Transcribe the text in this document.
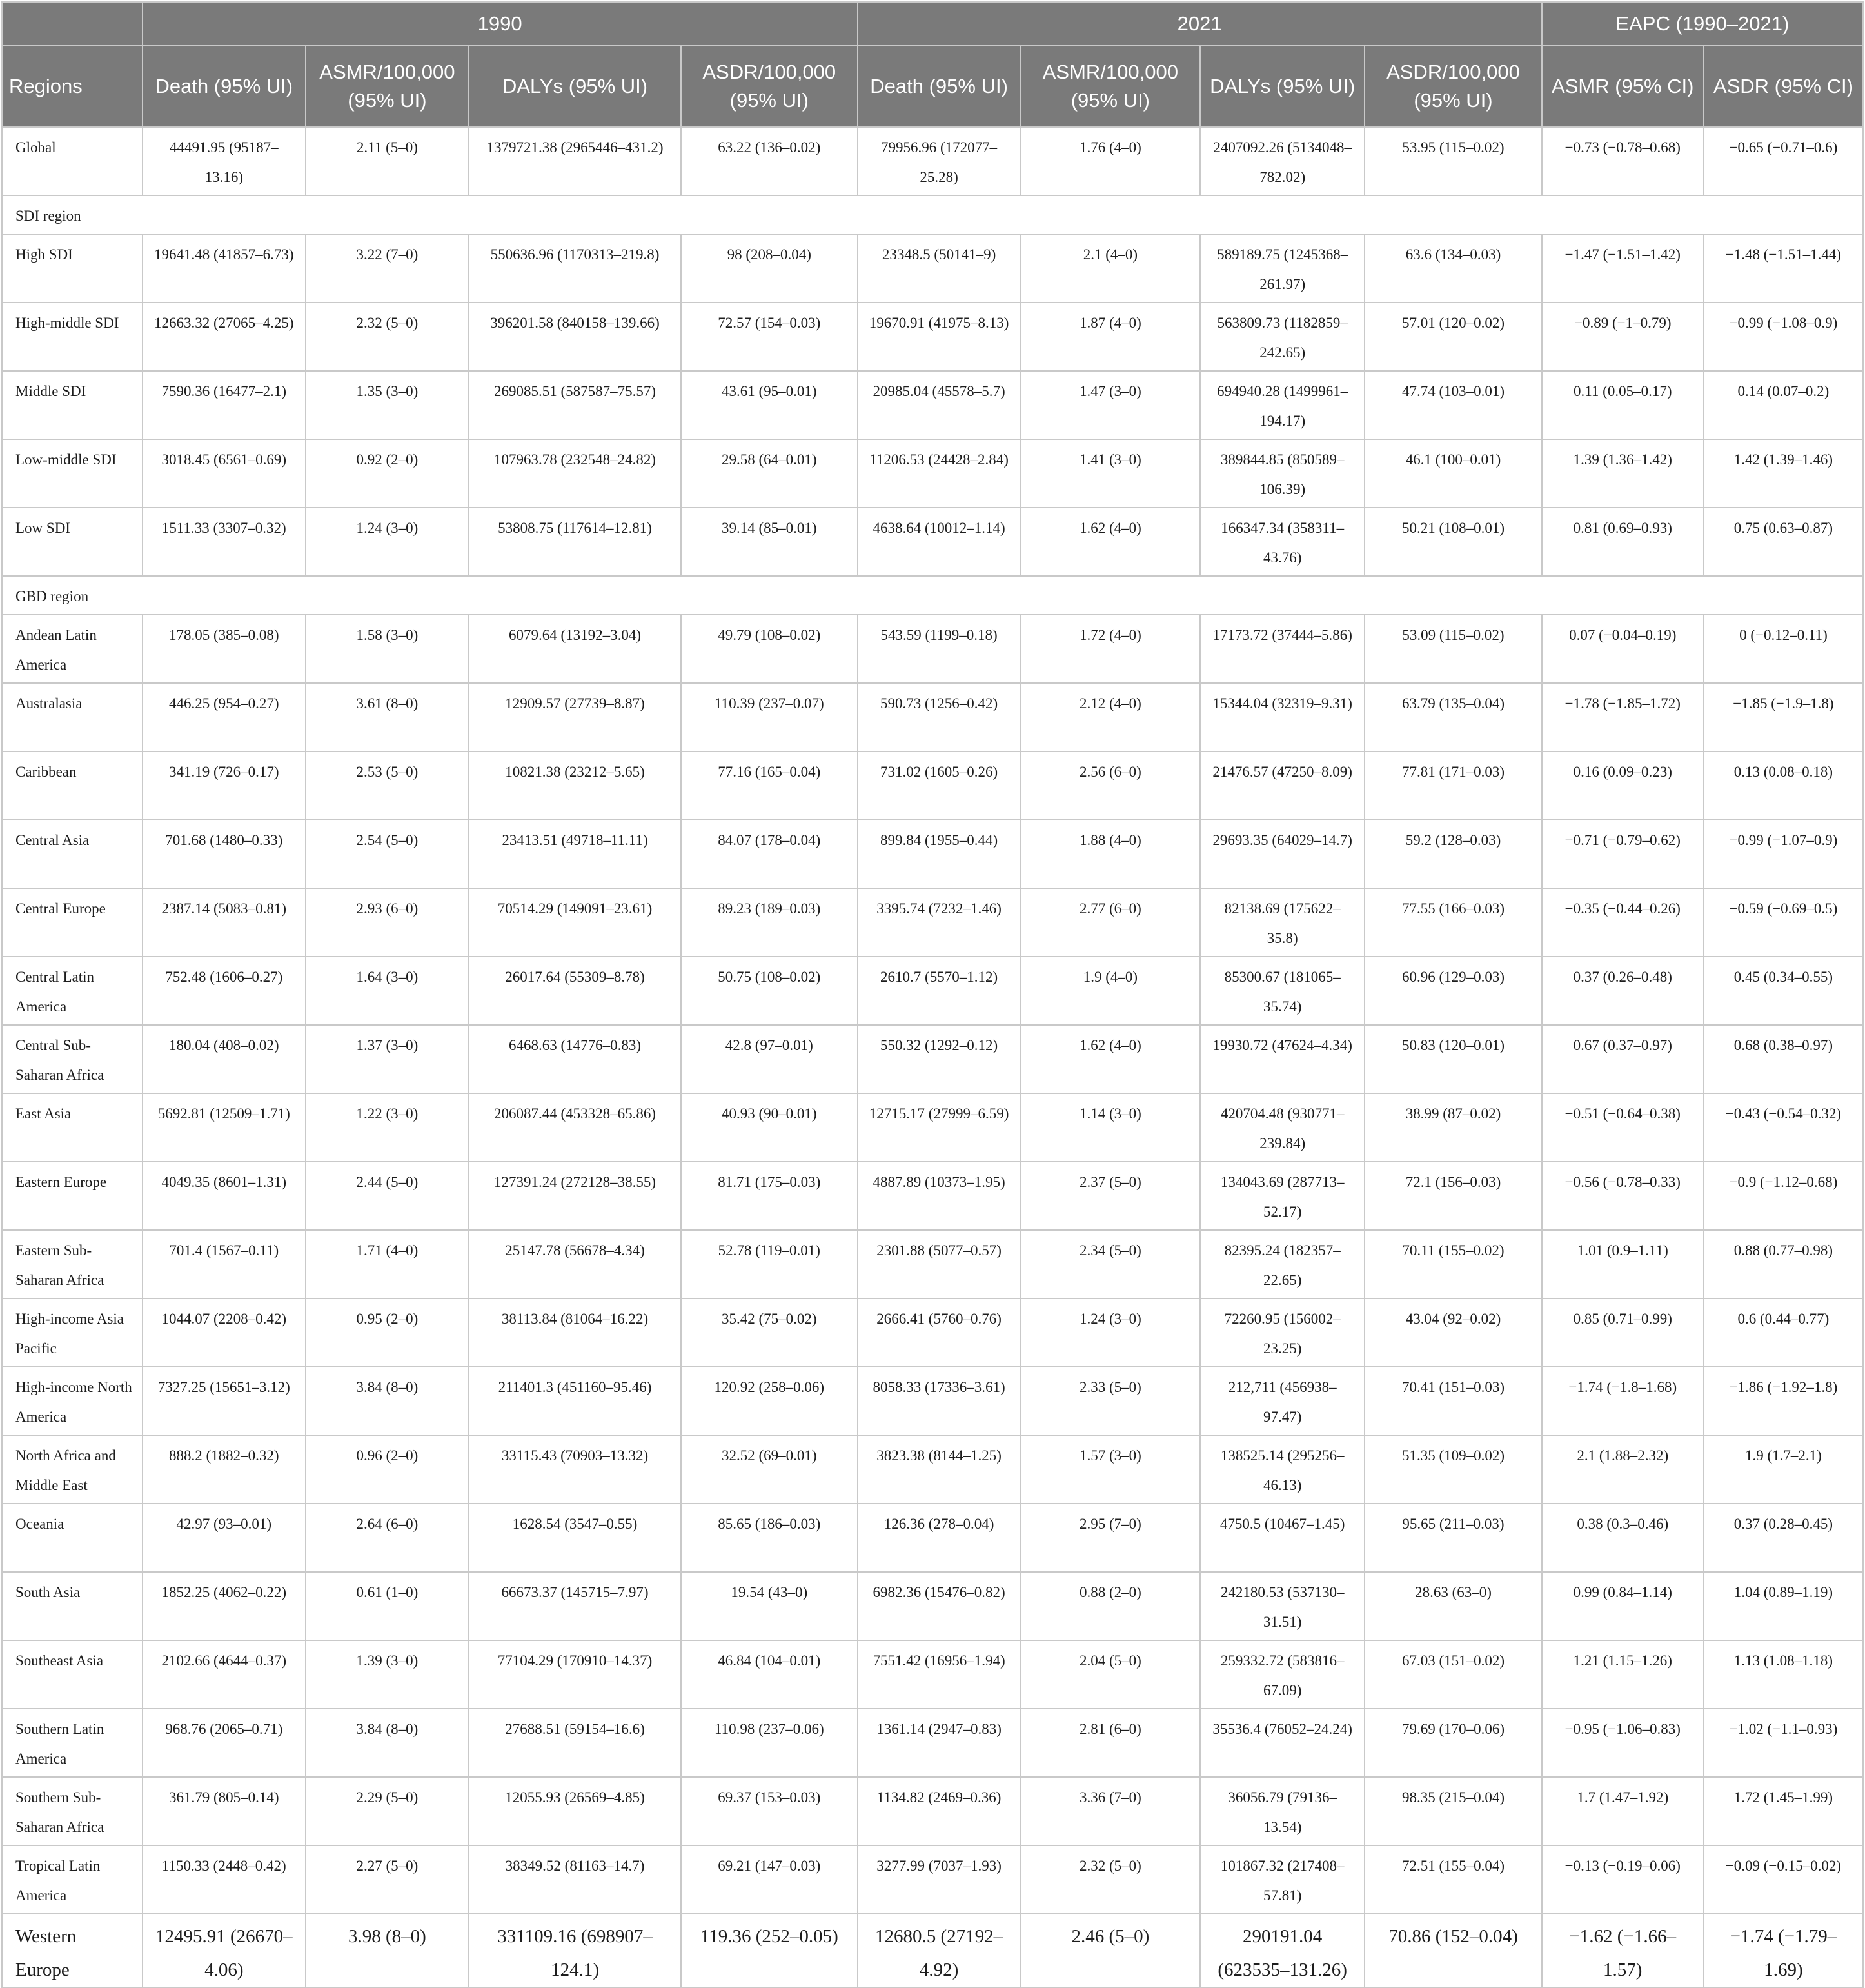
	1990				2021				EAPC (1990–2021)	
Regions	Death (95% UI)	ASMR/100,000 (95% UI)	DALYs (95% UI)	ASDR/100,000 (95% UI)	Death (95% UI)	ASMR/100,000 (95% UI)	DALYs (95% UI)	ASDR/100,000 (95% UI)	ASMR (95% CI)	ASDR (95% CI)
Global	44491.95 (95187–13.16)	2.11 (5–0)	1379721.38 (2965446–431.2)	63.22 (136–0.02)	79956.96 (172077–25.28)	1.76 (4–0)	2407092.26 (5134048–782.02)	53.95 (115–0.02)	−0.73 (−0.78–0.68)	−0.65 (−0.71–0.6)
SDI region										
High SDI	19641.48 (41857–6.73)	3.22 (7–0)	550636.96 (1170313–219.8)	98 (208–0.04)	23348.5 (50141–9)	2.1 (4–0)	589189.75 (1245368–261.97)	63.6 (134–0.03)	−1.47 (−1.51–1.42)	−1.48 (−1.51–1.44)
High-middle SDI	12663.32 (27065–4.25)	2.32 (5–0)	396201.58 (840158–139.66)	72.57 (154–0.03)	19670.91 (41975–8.13)	1.87 (4–0)	563809.73 (1182859–242.65)	57.01 (120–0.02)	−0.89 (−1–0.79)	−0.99 (−1.08–0.9)
Middle SDI	7590.36 (16477–2.1)	1.35 (3–0)	269085.51 (587587–75.57)	43.61 (95–0.01)	20985.04 (45578–5.7)	1.47 (3–0)	694940.28 (1499961–194.17)	47.74 (103–0.01)	0.11 (0.05–0.17)	0.14 (0.07–0.2)
Low-middle SDI	3018.45 (6561–0.69)	0.92 (2–0)	107963.78 (232548–24.82)	29.58 (64–0.01)	11206.53 (24428–2.84)	1.41 (3–0)	389844.85 (850589–106.39)	46.1 (100–0.01)	1.39 (1.36–1.42)	1.42 (1.39–1.46)
Low SDI	1511.33 (3307–0.32)	1.24 (3–0)	53808.75 (117614–12.81)	39.14 (85–0.01)	4638.64 (10012–1.14)	1.62 (4–0)	166347.34 (358311–43.76)	50.21 (108–0.01)	0.81 (0.69–0.93)	0.75 (0.63–0.87)
GBD region										
Andean Latin America	178.05 (385–0.08)	1.58 (3–0)	6079.64 (13192–3.04)	49.79 (108–0.02)	543.59 (1199–0.18)	1.72 (4–0)	17173.72 (37444–5.86)	53.09 (115–0.02)	0.07 (−0.04–0.19)	0 (−0.12–0.11)
Australasia	446.25 (954–0.27)	3.61 (8–0)	12909.57 (27739–8.87)	110.39 (237–0.07)	590.73 (1256–0.42)	2.12 (4–0)	15344.04 (32319–9.31)	63.79 (135–0.04)	−1.78 (−1.85–1.72)	−1.85 (−1.9–1.8)
Caribbean	341.19 (726–0.17)	2.53 (5–0)	10821.38 (23212–5.65)	77.16 (165–0.04)	731.02 (1605–0.26)	2.56 (6–0)	21476.57 (47250–8.09)	77.81 (171–0.03)	0.16 (0.09–0.23)	0.13 (0.08–0.18)
Central Asia	701.68 (1480–0.33)	2.54 (5–0)	23413.51 (49718–11.11)	84.07 (178–0.04)	899.84 (1955–0.44)	1.88 (4–0)	29693.35 (64029–14.7)	59.2 (128–0.03)	−0.71 (−0.79–0.62)	−0.99 (−1.07–0.9)
Central Europe	2387.14 (5083–0.81)	2.93 (6–0)	70514.29 (149091–23.61)	89.23 (189–0.03)	3395.74 (7232–1.46)	2.77 (6–0)	82138.69 (175622–35.8)	77.55 (166–0.03)	−0.35 (−0.44–0.26)	−0.59 (−0.69–0.5)
Central Latin America	752.48 (1606–0.27)	1.64 (3–0)	26017.64 (55309–8.78)	50.75 (108–0.02)	2610.7 (5570–1.12)	1.9 (4–0)	85300.67 (181065–35.74)	60.96 (129–0.03)	0.37 (0.26–0.48)	0.45 (0.34–0.55)
Central Sub-Saharan Africa	180.04 (408–0.02)	1.37 (3–0)	6468.63 (14776–0.83)	42.8 (97–0.01)	550.32 (1292–0.12)	1.62 (4–0)	19930.72 (47624–4.34)	50.83 (120–0.01)	0.67 (0.37–0.97)	0.68 (0.38–0.97)
East Asia	5692.81 (12509–1.71)	1.22 (3–0)	206087.44 (453328–65.86)	40.93 (90–0.01)	12715.17 (27999–6.59)	1.14 (3–0)	420704.48 (930771–239.84)	38.99 (87–0.02)	−0.51 (−0.64–0.38)	−0.43 (−0.54–0.32)
Eastern Europe	4049.35 (8601–1.31)	2.44 (5–0)	127391.24 (272128–38.55)	81.71 (175–0.03)	4887.89 (10373–1.95)	2.37 (5–0)	134043.69 (287713–52.17)	72.1 (156–0.03)	−0.56 (−0.78–0.33)	−0.9 (−1.12–0.68)
Eastern Sub-Saharan Africa	701.4 (1567–0.11)	1.71 (4–0)	25147.78 (56678–4.34)	52.78 (119–0.01)	2301.88 (5077–0.57)	2.34 (5–0)	82395.24 (182357–22.65)	70.11 (155–0.02)	1.01 (0.9–1.11)	0.88 (0.77–0.98)
High-income Asia Pacific	1044.07 (2208–0.42)	0.95 (2–0)	38113.84 (81064–16.22)	35.42 (75–0.02)	2666.41 (5760–0.76)	1.24 (3–0)	72260.95 (156002–23.25)	43.04 (92–0.02)	0.85 (0.71–0.99)	0.6 (0.44–0.77)
High-income North America	7327.25 (15651–3.12)	3.84 (8–0)	211401.3 (451160–95.46)	120.92 (258–0.06)	8058.33 (17336–3.61)	2.33 (5–0)	212,711 (456938–97.47)	70.41 (151–0.03)	−1.74 (−1.8–1.68)	−1.86 (−1.92–1.8)
North Africa and Middle East	888.2 (1882–0.32)	0.96 (2–0)	33115.43 (70903–13.32)	32.52 (69–0.01)	3823.38 (8144–1.25)	1.57 (3–0)	138525.14 (295256–46.13)	51.35 (109–0.02)	2.1 (1.88–2.32)	1.9 (1.7–2.1)
Oceania	42.97 (93–0.01)	2.64 (6–0)	1628.54 (3547–0.55)	85.65 (186–0.03)	126.36 (278–0.04)	2.95 (7–0)	4750.5 (10467–1.45)	95.65 (211–0.03)	0.38 (0.3–0.46)	0.37 (0.28–0.45)
South Asia	1852.25 (4062–0.22)	0.61 (1–0)	66673.37 (145715–7.97)	19.54 (43–0)	6982.36 (15476–0.82)	0.88 (2–0)	242180.53 (537130–31.51)	28.63 (63–0)	0.99 (0.84–1.14)	1.04 (0.89–1.19)
Southeast Asia	2102.66 (4644–0.37)	1.39 (3–0)	77104.29 (170910–14.37)	46.84 (104–0.01)	7551.42 (16956–1.94)	2.04 (5–0)	259332.72 (583816–67.09)	67.03 (151–0.02)	1.21 (1.15–1.26)	1.13 (1.08–1.18)
Southern Latin America	968.76 (2065–0.71)	3.84 (8–0)	27688.51 (59154–16.6)	110.98 (237–0.06)	1361.14 (2947–0.83)	2.81 (6–0)	35536.4 (76052–24.24)	79.69 (170–0.06)	−0.95 (−1.06–0.83)	−1.02 (−1.1–0.93)
Southern Sub-Saharan Africa	361.79 (805–0.14)	2.29 (5–0)	12055.93 (26569–4.85)	69.37 (153–0.03)	1134.82 (2469–0.36)	3.36 (7–0)	36056.79 (79136–13.54)	98.35 (215–0.04)	1.7 (1.47–1.92)	1.72 (1.45–1.99)
Tropical Latin America	1150.33 (2448–0.42)	2.27 (5–0)	38349.52 (81163–14.7)	69.21 (147–0.03)	3277.99 (7037–1.93)	2.32 (5–0)	101867.32 (217408–57.81)	72.51 (155–0.04)	−0.13 (−0.19–0.06)	−0.09 (−0.15–0.02)
Western Europe	12495.91 (26670–4.06)	3.98 (8–0)	331109.16 (698907–124.1)	119.36 (252–0.05)	12680.5 (27192–4.92)	2.46 (5–0)	290191.04 (623535–131.26)	70.86 (152–0.04)	−1.62 (−1.66–1.57)	−1.74 (−1.79–1.69)
